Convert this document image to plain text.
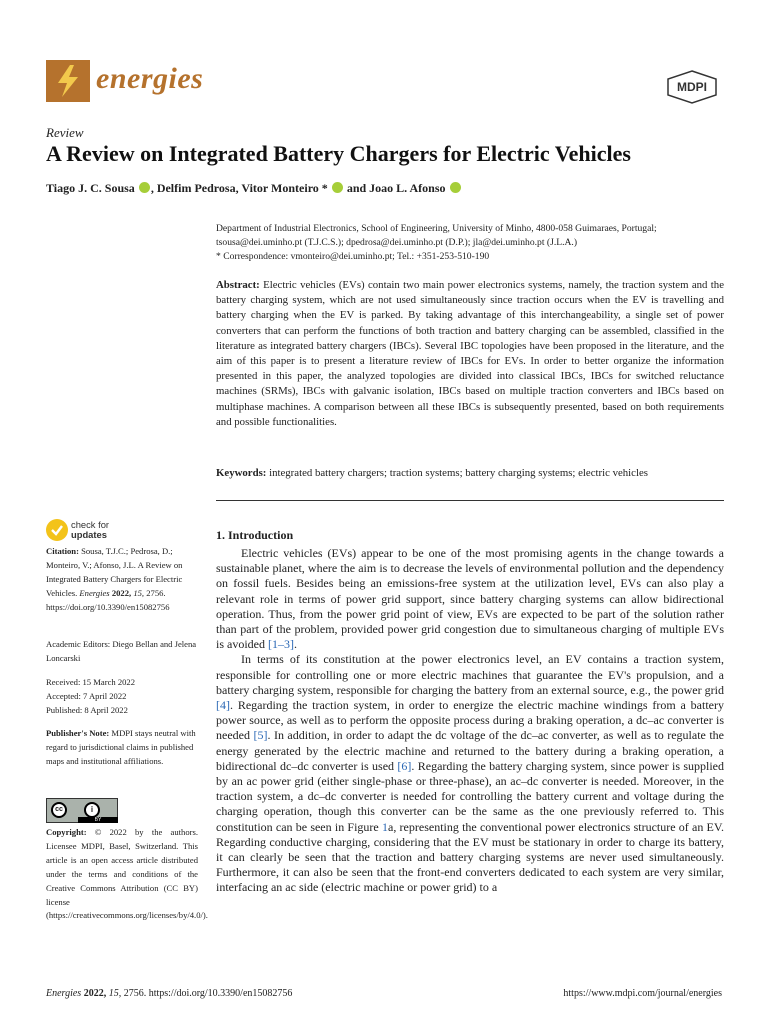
energies	MDPI
Review
A Review on Integrated Battery Chargers for Electric Vehicles
Tiago J. C. Sousa , Delfim Pedrosa, Vitor Monteiro * and Joao L. Afonso
Department of Industrial Electronics, School of Engineering, University of Minho, 4800-058 Guimaraes, Portugal;
tsousa@dei.uminho.pt (T.J.C.S.); dpedrosa@dei.uminho.pt (D.P.); jla@dei.uminho.pt (J.L.A.)
* Correspondence: vmonteiro@dei.uminho.pt; Tel.: +351-253-510-190
Abstract: Electric vehicles (EVs) contain two main power electronics systems, namely, the traction system and the battery charging system, which are not used simultaneously since traction occurs when the EV is travelling and battery charging when the EV is parked. By taking advantage of this interchangeability, a single set of power converters that can perform the functions of both traction and battery charging can be assembled, classified in the literature as integrated battery chargers (IBCs). Several IBC topologies have been proposed in the literature, and the aim of this paper is to present a literature review of IBCs for EVs. In order to better organize the information presented in this paper, the analyzed topologies are divided into classical IBCs, IBCs for switched reluctance machines (SRMs), IBCs with galvanic isolation, IBCs based on multiple traction converters and IBCs based on multiphase machines. A comparison between all these IBCs is subsequently presented, based on both requirements and possible functionalities.
Keywords: integrated battery chargers; traction systems; battery charging systems; electric vehicles
check for
updates
Citation: Sousa, T.J.C.; Pedrosa, D.; Monteiro, V.; Afonso, J.L. A Review on Integrated Battery Chargers for Electric Vehicles. Energies 2022, 15, 2756. https://doi.org/10.3390/en15082756
Academic Editors: Diego Bellan and Jelena Loncarski
Received: 15 March 2022
Accepted: 7 April 2022
Published: 8 April 2022
Publisher's Note: MDPI stays neutral with regard to jurisdictional claims in published maps and institutional affiliations.
cc	i
BY
Copyright: © 2022 by the authors. Licensee MDPI, Basel, Switzerland. This article is an open access article distributed under the terms and conditions of the Creative Commons Attribution (CC BY) license (https://creativecommons.org/licenses/by/4.0/).
1. Introduction

Electric vehicles (EVs) appear to be one of the most promising agents in the change towards a sustainable planet, where the aim is to decrease the levels of environmental pollution and the dependency on fossil fuels. Besides being an emissions-free system at the utilization level, EVs can also play a relevant role in terms of power grid support, since battery charging systems can allow bidirectional operation. Thus, from the power grid point of view, EVs are expected to be part of the solution rather than part of the problem, provided power grid congestion due to simultaneous charging of multiple EVs is avoided [1–3].

In terms of its constitution at the power electronics level, an EV contains a traction system, responsible for controlling one or more electric machines that guarantee the EV's propulsion, and a battery charging system, responsible for charging the battery from an external source, e.g., the power grid [4]. Regarding the traction system, in order to energize the electric machine windings from a battery power source, as well as to perform the opposite process during a braking operation, a dc–ac converter is needed [5]. In addition, in order to adapt the dc voltage of the dc–ac converter, as well as to regulate the energy generated by the electric machine and returned to the battery during a braking operation, a bidirectional dc–dc converter is used [6]. Regarding the battery charging system, since power is supplied by an ac power grid (either single-phase or three-phase), an ac–dc converter is needed. Moreover, in the traction system, a dc–dc converter is needed for controlling the battery current and voltage during the charging operation, though this converter can be the same as the one previously referred to. This constitution can be seen in Figure 1a, representing the conventional power electronics structure of an EV. Regarding conductive charging, considering that the EV must be stationary in order to charge its battery, it can clearly be seen that the traction and battery charging systems are never used simultaneously. Furthermore, it can also be seen that the front-end converters dedicated to each system are very similar, interfacing an ac side (electric machine or power grid) to a

Energies 2022, 15, 2756. https://doi.org/10.3390/en15082756	https://www.mdpi.com/journal/energies
